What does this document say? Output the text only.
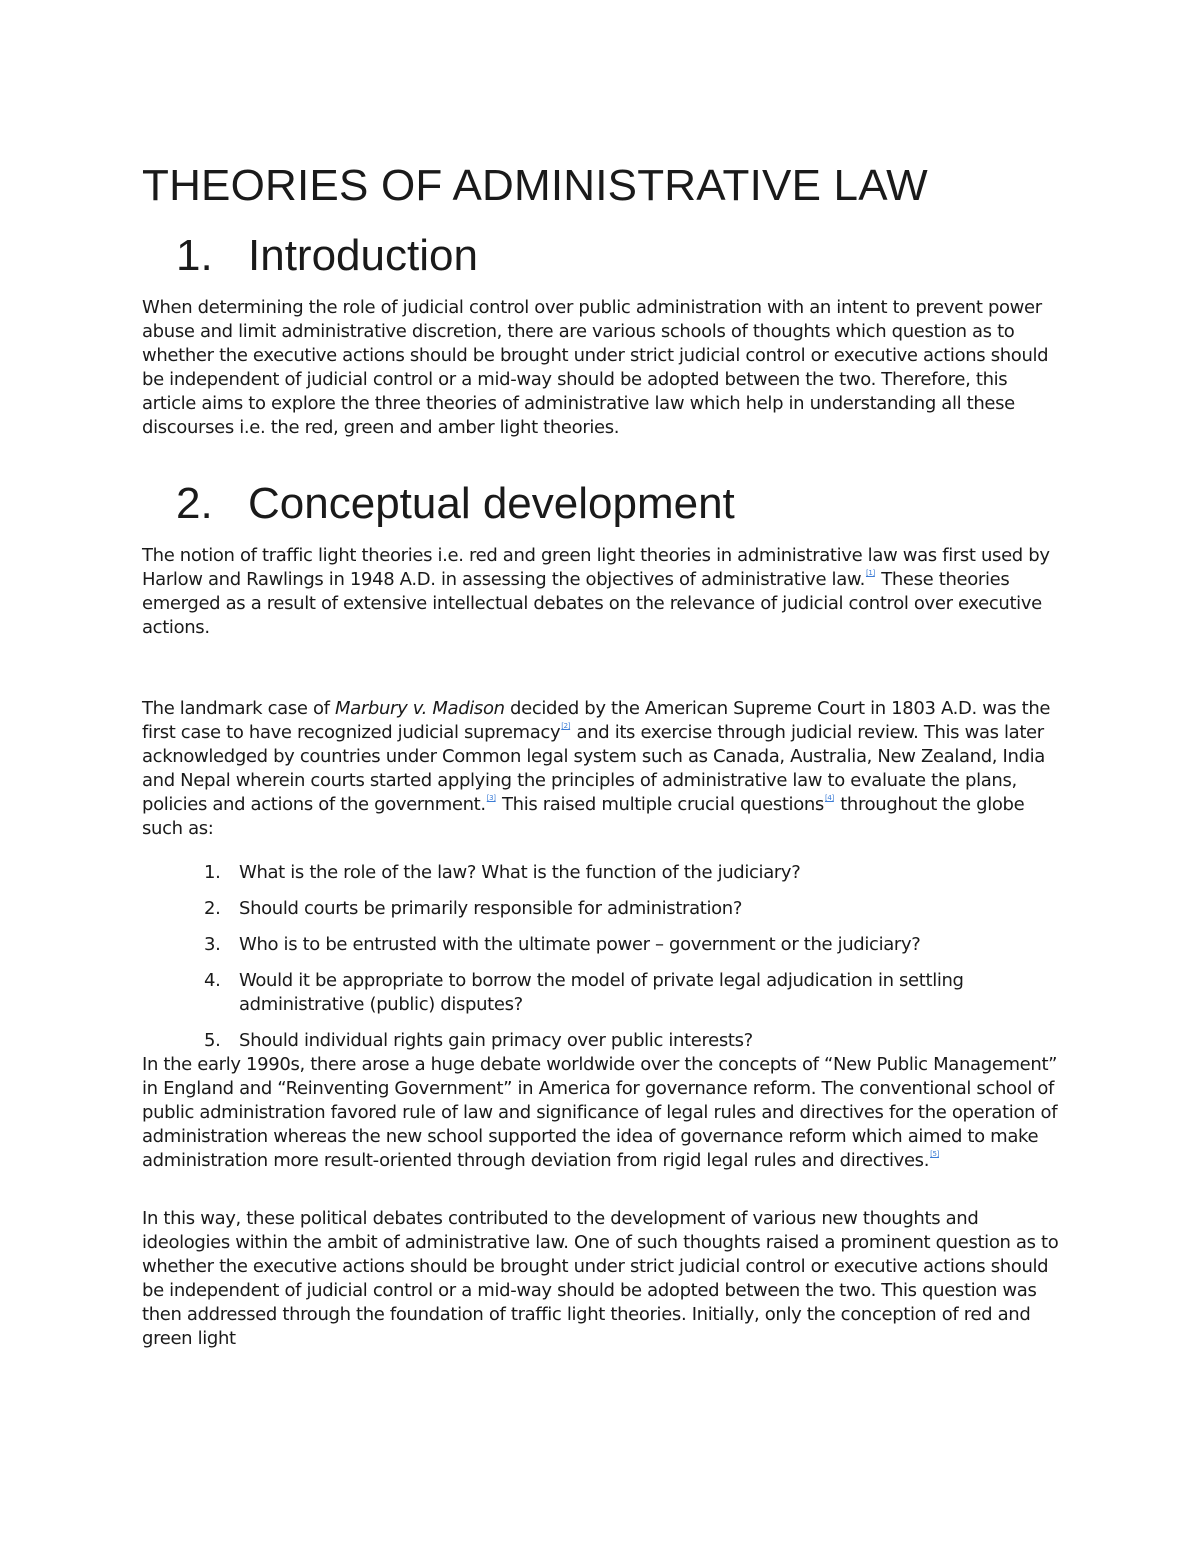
THEORIES OF ADMINISTRATIVE LAW
1. Introduction

When determining the role of judicial control over public administration with an intent to prevent power abuse and limit administrative discretion, there are various schools of thoughts which question as to whether the executive actions should be brought under strict judicial control or executive actions should be independent of judicial control or a mid-way should be adopted between the two. Therefore, this article aims to explore the three theories of administrative law which help in understanding all these discourses i.e. the red, green and amber light theories.

2. Conceptual development

The notion of traffic light theories i.e. red and green light theories in administrative law was first used by Harlow and Rawlings in 1948 A.D. in assessing the objectives of administrative law.[1] These theories emerged as a result of extensive intellectual debates on the relevance of judicial control over executive actions.

The landmark case of Marbury v. Madison decided by the American Supreme Court in 1803 A.D. was the first case to have recognized judicial supremacy[2] and its exercise through judicial review. This was later acknowledged by countries under Common legal system such as Canada, Australia, New Zealand, India and Nepal wherein courts started applying the principles of administrative law to evaluate the plans, policies and actions of the government.[3] This raised multiple crucial questions[4] throughout the globe such as:

1.	What is the role of the law? What is the function of the judiciary?
2.	Should courts be primarily responsible for administration?
3.	Who is to be entrusted with the ultimate power – government or the judiciary?
4.	Would it be appropriate to borrow the model of private legal adjudication in settling administrative (public) disputes?
5.	Should individual rights gain primacy over public interests?

In the early 1990s, there arose a huge debate worldwide over the concepts of “New Public Management” in England and “Reinventing Government” in America for governance reform. The conventional school of public administration favored rule of law and significance of legal rules and directives for the operation of administration whereas the new school supported the idea of governance reform which aimed to make administration more result-oriented through deviation from rigid legal rules and directives.[5]

In this way, these political debates contributed to the development of various new thoughts and ideologies within the ambit of administrative law. One of such thoughts raised a prominent question as to whether the executive actions should be brought under strict judicial control or executive actions should be independent of judicial control or a mid-way should be adopted between the two. This question was then addressed through the foundation of traffic light theories. Initially, only the conception of red and green light
